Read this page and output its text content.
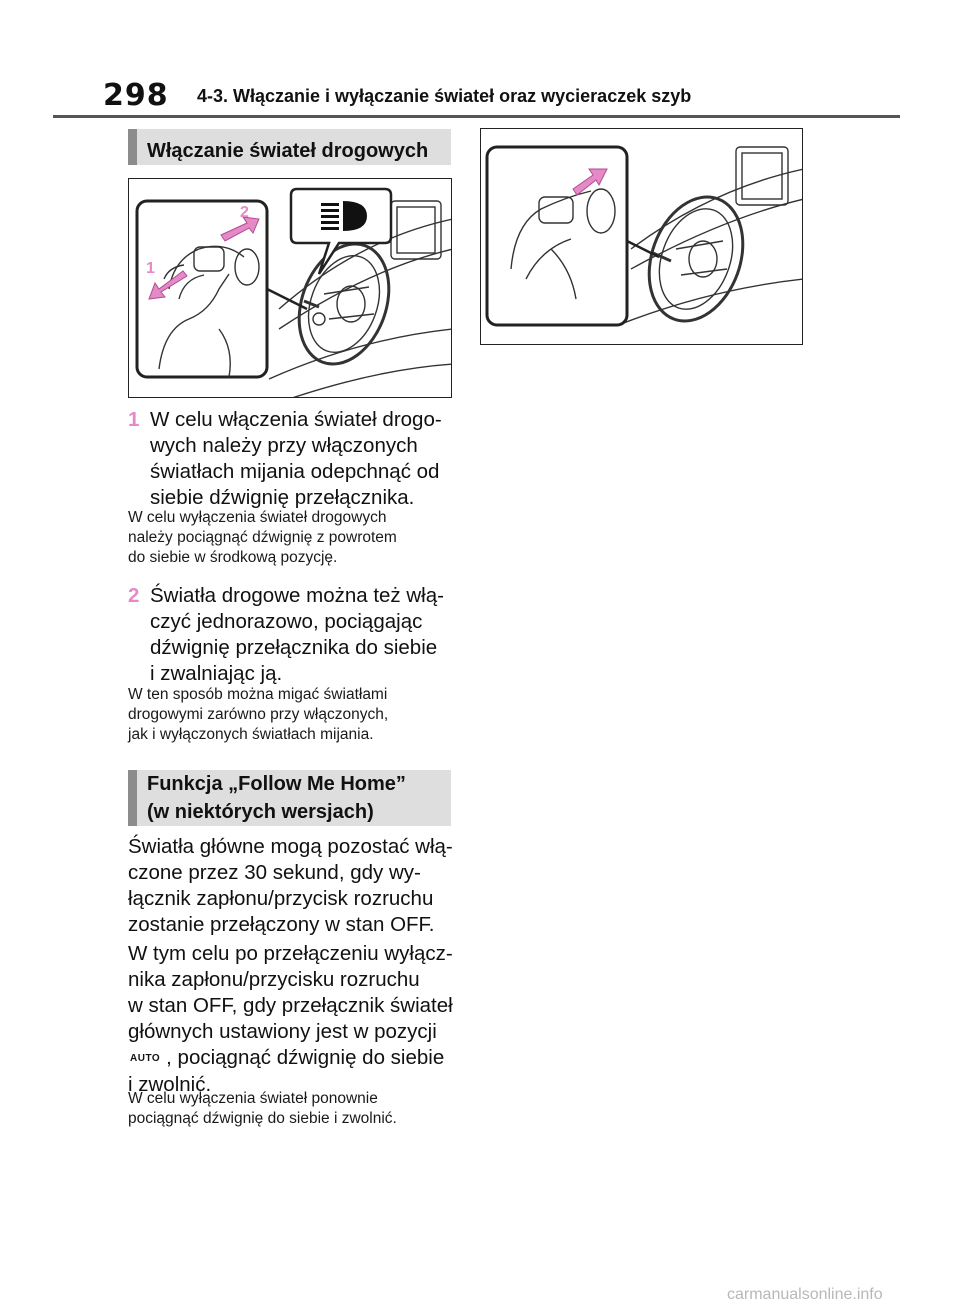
298 4-3. Włączanie i wyłączanie świateł oraz wycieraczek szyb
Włączanie świateł drogowych
2
1
1 W celu włączenia świateł drogo-
wych należy przy włączonych
światłach mijania odepchnąć od
siebie dźwignię przełącznika.
W celu wyłączenia świateł drogowych
należy pociągnąć dźwignię z powrotem
do siebie w środkową pozycję.
2 Światła drogowe można też włą-
czyć jednorazowo, pociągając
dźwignię przełącznika do siebie
i zwalniając ją.
W ten sposób można migać światłami
drogowymi zarówno przy włączonych,
jak i wyłączonych światłach mijania.
Funkcja „Follow Me Home”
(w niektórych wersjach)
Światła główne mogą pozostać włą-
czone przez 30 sekund, gdy wy-
łącznik zapłonu/przycisk rozruchu
zostanie przełączony w stan OFF.
W tym celu po przełączeniu wyłącz-
nika zapłonu/przycisku rozruchu
w stan OFF, gdy przełącznik świateł
głównych ustawiony jest w pozycji
AUTO , pociągnąć dźwignię do siebie
i zwolnić.
W celu wyłączenia świateł ponownie
pociągnąć dźwignię do siebie i zwolnić.
carmanualsonline.info
